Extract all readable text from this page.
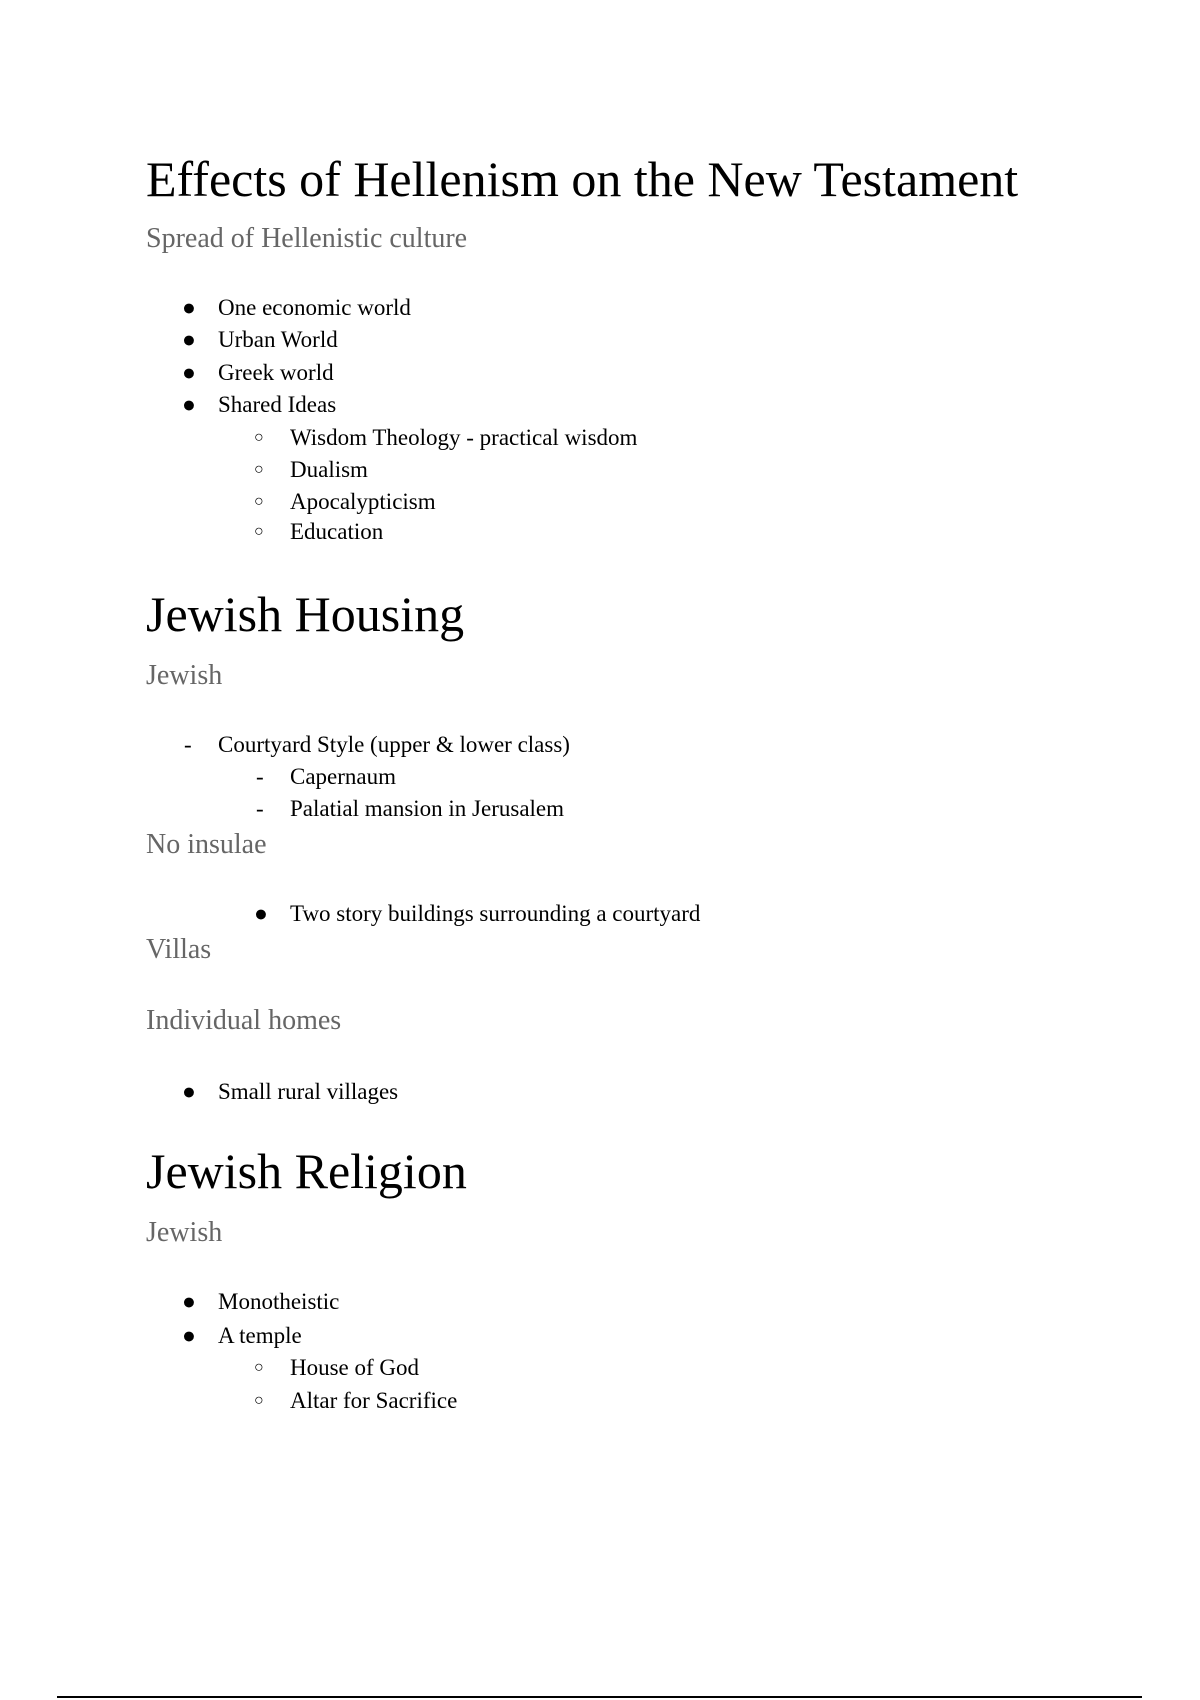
Effects of Hellenism on the New Testament
Spread of Hellenistic culture
● One economic world
● Urban World
● Greek world
● Shared Ideas
○ Wisdom Theology - practical wisdom
○ Dualism
○ Apocalypticism
○ Education
Jewish Housing
Jewish
- Courtyard Style (upper & lower class)
- Capernaum
- Palatial mansion in Jerusalem
No insulae
● Two story buildings surrounding a courtyard
Villas
Individual homes
● Small rural villages
Jewish Religion
Jewish
● Monotheistic
● A temple
○ House of God
○ Altar for Sacrifice
